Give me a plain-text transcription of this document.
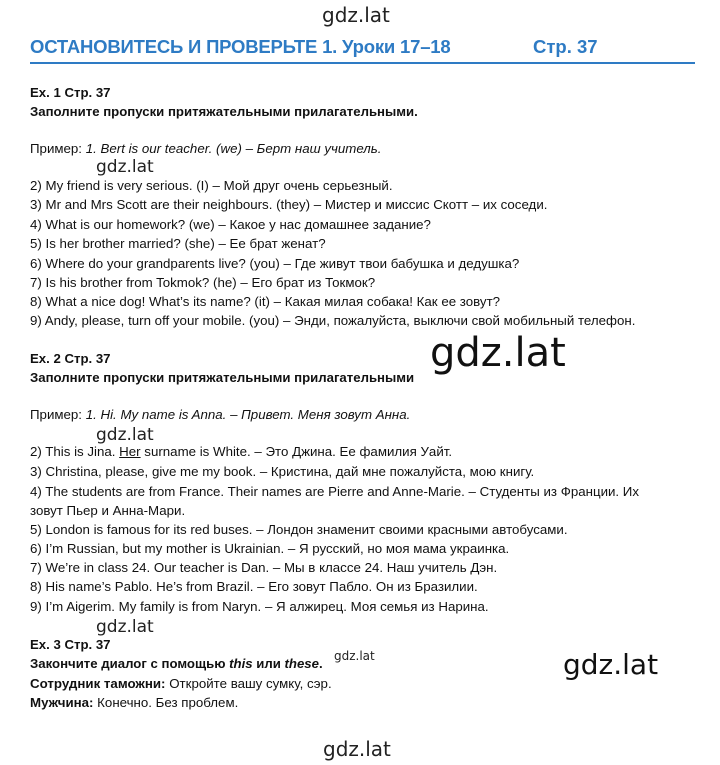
gdz.lat
gdz.lat
gdz.lat
gdz.lat
gdz.lat
gdz.lat	gdz.lat
gdz.lat
ОСТАНОВИТЕСЬ И ПРОВЕРЬТЕ 1. Уроки 17–18	Стр. 37
Ex. 1 Стр. 37
Заполните пропуски притяжательными прилагательными.
Пример: 1. Bert is our teacher. (we) – Берт наш учитель.
2) My friend is very serious. (I) – Мой друг очень серьезный.
3) Mr and Mrs Scott are their neighbours. (they) – Мистер и миссис Скотт – их соседи.
4) What is our homework? (we) – Какое у нас домашнее задание?
5) Is her brother married? (she) – Ее брат женат?
6) Where do your grandparents live? (you) – Где живут твои бабушка и дедушка?
7) Is his brother from Tokmok? (he) – Его брат из Токмок?
8) What a nice dog! What’s its name? (it) – Какая милая собака! Как ее зовут?
9) Andy, please, turn off your mobile. (you) – Энди, пожалуйста, выключи свой мобильный телефон.
Ex. 2 Стр. 37
Заполните пропуски притяжательными прилагательными
Пример: 1. Hi. My name is Anna. – Привет. Меня зовут Анна.
2) This is Jina. Her surname is White. – Это Джина. Ее фамилия Уайт.
3) Christina, please, give me my book. – Кристина, дай мне пожалуйста, мою книгу.
4) The students are from France. Their names are Pierre and Anne-Marie. – Студенты из Франции. Их
зовут Пьер и Анна-Мари.
5) London is famous for its red buses. – Лондон знаменит своими красными автобусами.
6) I’m Russian, but my mother is Ukrainian. – Я русский, но моя мама украинка.
7) We’re in class 24. Our teacher is Dan. – Мы в классе 24. Наш учитель Дэн.
8) His name’s Pablo. He’s from Brazil. – Его зовут Пабло. Он из Бразилии.
9) I’m Aigerim. My family is from Naryn. – Я алжирец. Моя семья из Нарина.
Ex. 3 Стр. 37
Закончите диалог с помощью this или these.
Сотрудник таможни: Откройте вашу сумку, сэр.
Мужчина: Конечно. Без проблем.
